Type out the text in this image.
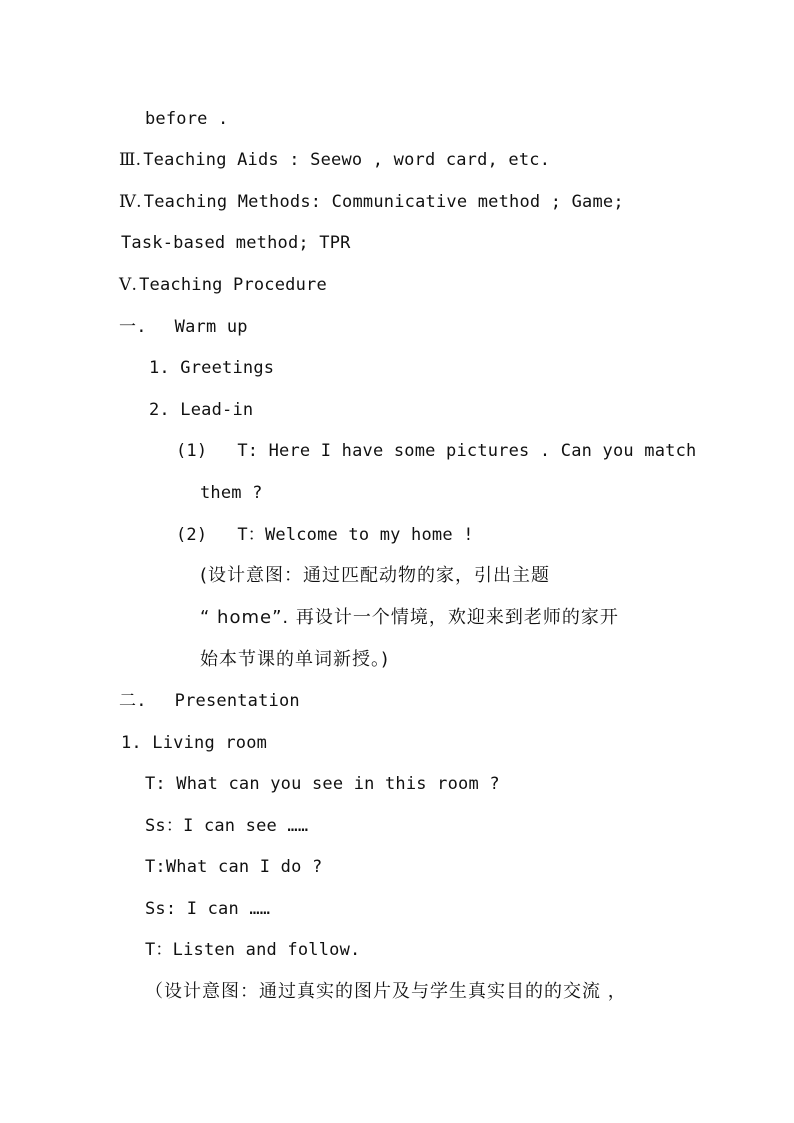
before .
Ⅲ. Teaching Aids : Seewo , word card, etc.
Ⅳ. Teaching Methods: Communicative method ; Game;
Task-based method; TPR
Ⅴ. Teaching Procedure
一. Warm up
1. Greetings
2. Lead-in
(1) T: Here I have some pictures . Can you match
them ?
(2) T：Welcome to my home !
(设计意图：通过匹配动物的家，引出主题
“ home”. 再设计一个情境，欢迎来到老师的家开
始本节课的单词新授。)
二. Presentation
1. Living room
T: What can you see in this room ?
Ss：I can see ……
T:What can I do ?
Ss: I can ……
T：Listen and follow.
（设计意图：通过真实的图片及与学生真实目的的交流 ，
